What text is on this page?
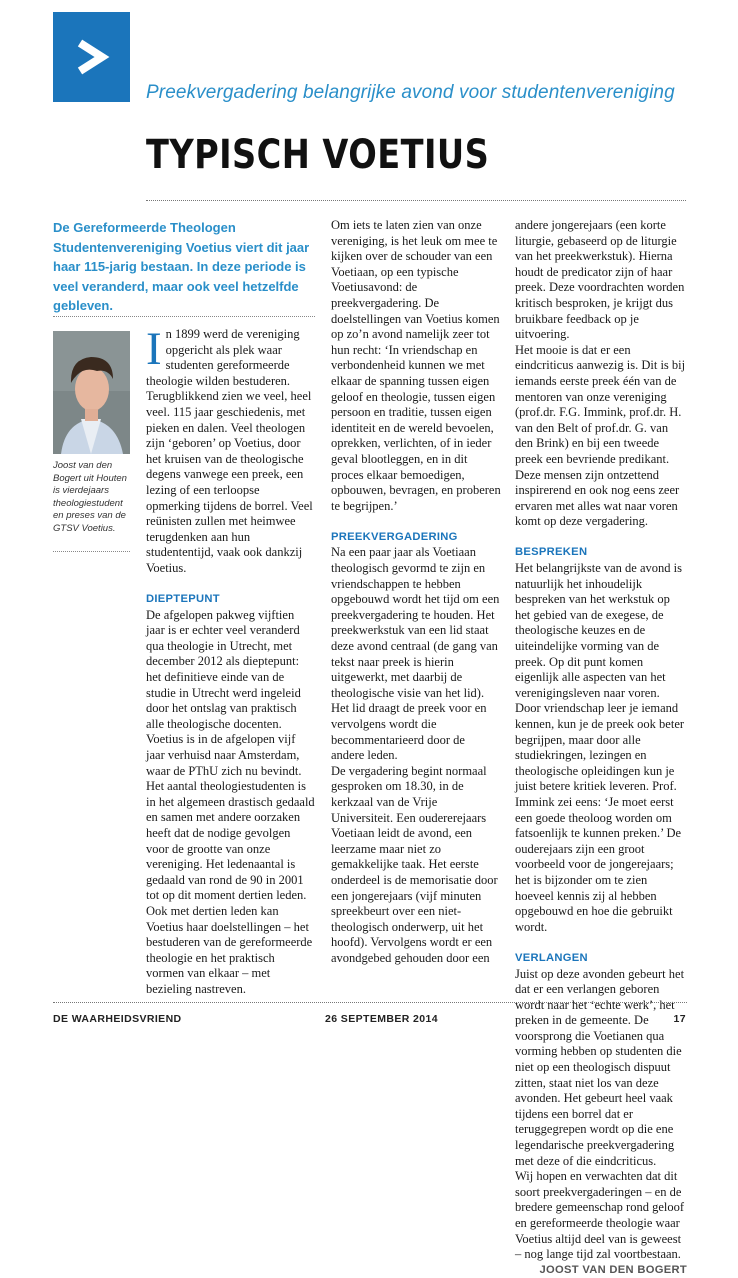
Preekvergadering belangrijke avond voor studentenvereniging
TYPISCH VOETIUS
De Gereformeerde Theologen Studentenvereniging Voetius viert dit jaar haar 115-jarig bestaan. In deze periode is veel veranderd, maar ook veel hetzelfde gebleven.
Joost van den Bogert uit Houten is vierdejaars theologiestudent en preses van de GTSV Voetius.

In 1899 werd de vereniging opgericht als plek waar studenten gereformeerde theologie wilden bestuderen. Terugblikkend zien we veel, heel veel. 115 jaar geschiedenis, met pieken en dalen. Veel theologen zijn ‘geboren’ op Voetius, door het kruisen van de theologische degens vanwege een preek, een lezing of een terloopse opmerking tijdens de borrel. Veel reünisten zullen met heimwee terugdenken aan hun studententijd, vaak ook dankzij Voetius.

DIEPTEPUNT

De afgelopen pakweg vijftien jaar is er echter veel veranderd qua theologie in Utrecht, met december 2012 als dieptepunt: het definitieve einde van de studie in Utrecht werd ingeleid door het ontslag van praktisch alle theologische docenten. Voetius is in de afgelopen vijf jaar verhuisd naar Amsterdam, waar de PThU zich nu bevindt. Het aantal theologiestudenten is in het algemeen drastisch gedaald en samen met andere oorzaken heeft dat de nodige gevolgen voor de grootte van onze vereniging. Het ledenaantal is gedaald van rond de 90 in 2001 tot op dit moment dertien leden. Ook met dertien leden kan Voetius haar doelstellingen – het bestuderen van de gereformeerde theologie en het praktisch vormen van elkaar – met bezieling nastreven.

Om iets te laten zien van onze vereniging, is het leuk om mee te kijken over de schouder van een Voetiaan, op een typische Voetiusavond: de preekvergadering. De doelstellingen van Voetius komen op zo’n avond namelijk zeer tot hun recht: ‘In vriendschap en verbondenheid kunnen we met elkaar de spanning tussen eigen geloof en theologie, tussen eigen persoon en traditie, tussen eigen identiteit en de wereld bevoelen, oprekken, verlichten, of in ieder geval blootleggen, en in dit proces elkaar bemoedigen, opbouwen, bevragen, en proberen te begrijpen.’

PREEKVERGADERING

Na een paar jaar als Voetiaan theologisch gevormd te zijn en vriendschappen te hebben opgebouwd wordt het tijd om een preekvergadering te houden. Het preekwerkstuk van een lid staat deze avond centraal (de gang van tekst naar preek is hierin uitgewerkt, met daarbij de theologische visie van het lid). Het lid draagt de preek voor en vervolgens wordt die becommentarieerd door de andere leden.

De vergadering begint normaal gesproken om 18.30, in de kerkzaal van de Vrije Universiteit. Een oudererejaars Voetiaan leidt de avond, een leerzame maar niet zo gemakkelijke taak. Het eerste onderdeel is de memorisatie door een jongerejaars (vijf minuten spreekbeurt over een niet-theologisch onderwerp, uit het hoofd). Vervolgens wordt er een avondgebed gehouden door een

andere jongerejaars (een korte liturgie, gebaseerd op de liturgie van het preekwerkstuk). Hierna houdt de predicator zijn of haar preek. Deze voordrachten worden kritisch besproken, je krijgt dus bruikbare feedback op je uitvoering.

Het mooie is dat er een eindcriticus aanwezig is. Dit is bij iemands eerste preek één van de mentoren van onze vereniging (prof.dr. F.G. Immink, prof.dr. H. van den Belt of prof.dr. G. van den Brink) en bij een tweede preek een bevriende predikant. Deze mensen zijn ontzettend inspirerend en ook nog eens zeer ervaren met alles wat naar voren komt op deze vergadering.

BESPREKEN

Het belangrijkste van de avond is natuurlijk het inhoudelijk bespreken van het werkstuk op het gebied van de exegese, de theologische keuzes en de uiteindelijke vorming van de preek. Op dit punt komen eigenlijk alle aspecten van het verenigingsleven naar voren. Door vriendschap leer je iemand kennen, kun je de preek ook beter begrijpen, maar door alle studiekringen, lezingen en theologische opleidingen kun je juist betere kritiek leveren. Prof. Immink zei eens: ‘Je moet eerst een goede theoloog worden om fatsoenlijk te kunnen preken.’ De ouderejaars zijn een groot voorbeeld voor de jongerejaars; het is bijzonder om te zien hoeveel kennis zij al hebben opgebouwd en hoe die gebruikt wordt.

VERLANGEN

Juist op deze avonden gebeurt het dat er een verlangen geboren wordt naar het ‘echte werk’, het preken in de gemeente. De voorsprong die Voetianen qua vorming hebben op studenten die niet op een theologisch dispuut zitten, staat niet los van deze avonden. Het gebeurt heel vaak tijdens een borrel dat er teruggegrepen wordt op die ene legendarische preekvergadering met deze of die eindcriticus.

Wij hopen en verwachten dat dit soort preekvergaderingen – en de bredere gemeenschap rond geloof en gereformeerde theologie waar Voetius altijd deel van is geweest – nog lange tijd zal voortbestaan.

JOOST VAN DEN BOGERT
DE WAARHEIDSVRIEND	26 SEPTEMBER 2014	17
